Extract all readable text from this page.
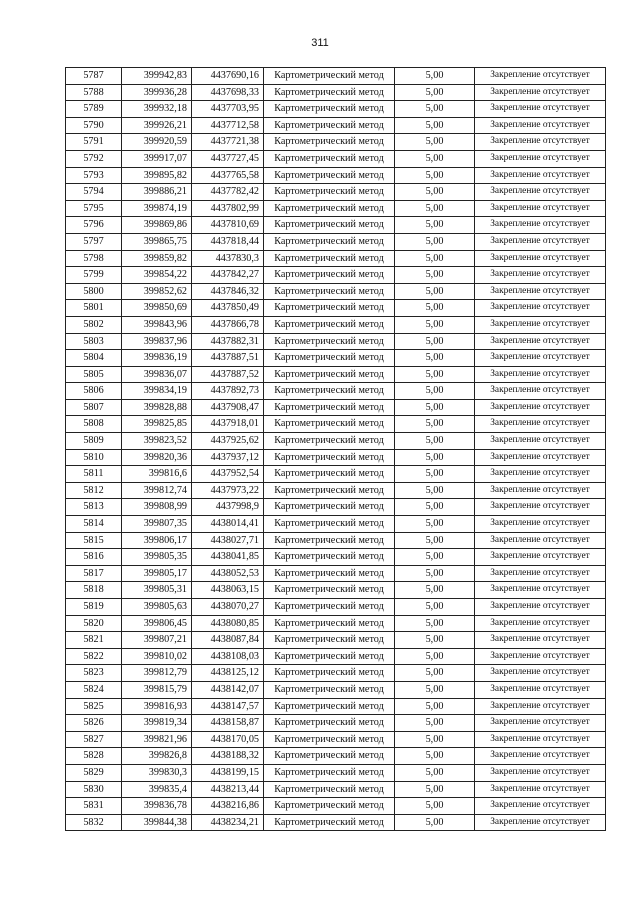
311
5787	399942,83	4437690,16	Картометрический метод	5,00	Закрепление отсутствует
5788	399936,28	4437698,33	Картометрический метод	5,00	Закрепление отсутствует
5789	399932,18	4437703,95	Картометрический метод	5,00	Закрепление отсутствует
5790	399926,21	4437712,58	Картометрический метод	5,00	Закрепление отсутствует
5791	399920,59	4437721,38	Картометрический метод	5,00	Закрепление отсутствует
5792	399917,07	4437727,45	Картометрический метод	5,00	Закрепление отсутствует
5793	399895,82	4437765,58	Картометрический метод	5,00	Закрепление отсутствует
5794	399886,21	4437782,42	Картометрический метод	5,00	Закрепление отсутствует
5795	399874,19	4437802,99	Картометрический метод	5,00	Закрепление отсутствует
5796	399869,86	4437810,69	Картометрический метод	5,00	Закрепление отсутствует
5797	399865,75	4437818,44	Картометрический метод	5,00	Закрепление отсутствует
5798	399859,82	4437830,3	Картометрический метод	5,00	Закрепление отсутствует
5799	399854,22	4437842,27	Картометрический метод	5,00	Закрепление отсутствует
5800	399852,62	4437846,32	Картометрический метод	5,00	Закрепление отсутствует
5801	399850,69	4437850,49	Картометрический метод	5,00	Закрепление отсутствует
5802	399843,96	4437866,78	Картометрический метод	5,00	Закрепление отсутствует
5803	399837,96	4437882,31	Картометрический метод	5,00	Закрепление отсутствует
5804	399836,19	4437887,51	Картометрический метод	5,00	Закрепление отсутствует
5805	399836,07	4437887,52	Картометрический метод	5,00	Закрепление отсутствует
5806	399834,19	4437892,73	Картометрический метод	5,00	Закрепление отсутствует
5807	399828,88	4437908,47	Картометрический метод	5,00	Закрепление отсутствует
5808	399825,85	4437918,01	Картометрический метод	5,00	Закрепление отсутствует
5809	399823,52	4437925,62	Картометрический метод	5,00	Закрепление отсутствует
5810	399820,36	4437937,12	Картометрический метод	5,00	Закрепление отсутствует
5811	399816,6	4437952,54	Картометрический метод	5,00	Закрепление отсутствует
5812	399812,74	4437973,22	Картометрический метод	5,00	Закрепление отсутствует
5813	399808,99	4437998,9	Картометрический метод	5,00	Закрепление отсутствует
5814	399807,35	4438014,41	Картометрический метод	5,00	Закрепление отсутствует
5815	399806,17	4438027,71	Картометрический метод	5,00	Закрепление отсутствует
5816	399805,35	4438041,85	Картометрический метод	5,00	Закрепление отсутствует
5817	399805,17	4438052,53	Картометрический метод	5,00	Закрепление отсутствует
5818	399805,31	4438063,15	Картометрический метод	5,00	Закрепление отсутствует
5819	399805,63	4438070,27	Картометрический метод	5,00	Закрепление отсутствует
5820	399806,45	4438080,85	Картометрический метод	5,00	Закрепление отсутствует
5821	399807,21	4438087,84	Картометрический метод	5,00	Закрепление отсутствует
5822	399810,02	4438108,03	Картометрический метод	5,00	Закрепление отсутствует
5823	399812,79	4438125,12	Картометрический метод	5,00	Закрепление отсутствует
5824	399815,79	4438142,07	Картометрический метод	5,00	Закрепление отсутствует
5825	399816,93	4438147,57	Картометрический метод	5,00	Закрепление отсутствует
5826	399819,34	4438158,87	Картометрический метод	5,00	Закрепление отсутствует
5827	399821,96	4438170,05	Картометрический метод	5,00	Закрепление отсутствует
5828	399826,8	4438188,32	Картометрический метод	5,00	Закрепление отсутствует
5829	399830,3	4438199,15	Картометрический метод	5,00	Закрепление отсутствует
5830	399835,4	4438213,44	Картометрический метод	5,00	Закрепление отсутствует
5831	399836,78	4438216,86	Картометрический метод	5,00	Закрепление отсутствует
5832	399844,38	4438234,21	Картометрический метод	5,00	Закрепление отсутствует
